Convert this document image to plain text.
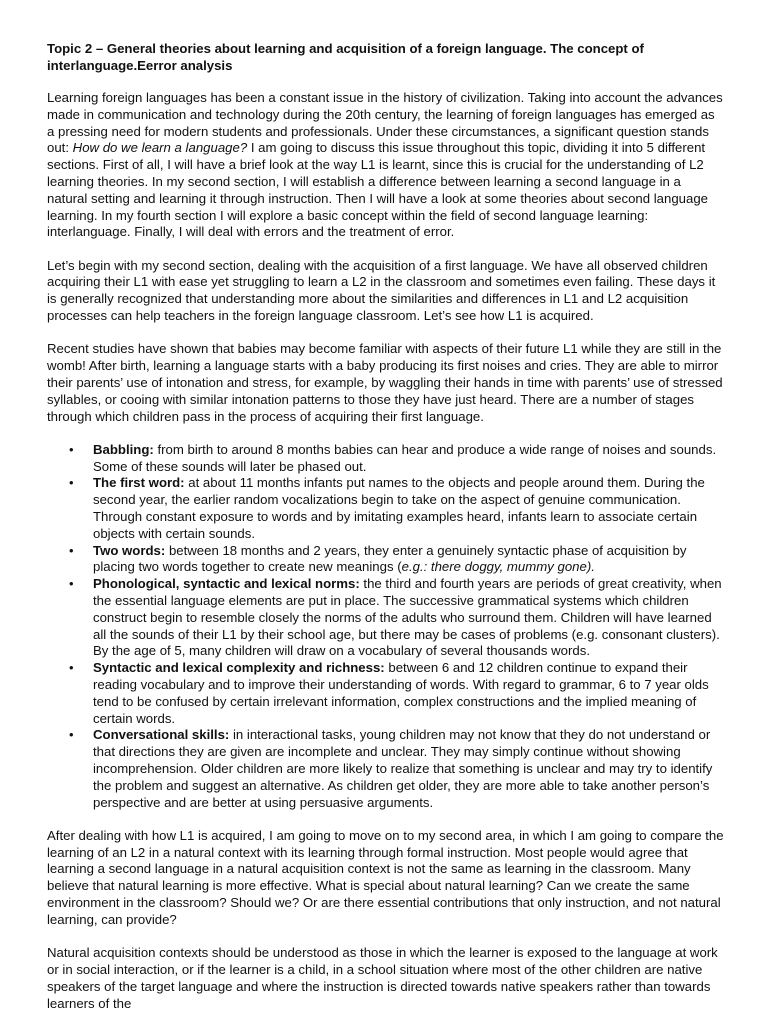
Topic 2 – General theories about learning and acquisition of a foreign language. The concept of interlanguage.Eerror analysis

Learning foreign languages has been a constant issue in the history of civilization. Taking into account the advances made in communication and technology during the 20th century, the learning of foreign languages has emerged as a pressing need for modern students and professionals. Under these circumstances, a significant question stands out: How do we learn a language? I am going to discuss this issue throughout this topic, dividing it into 5 different sections. First of all, I will have a brief look at the way L1 is learnt, since this is crucial for the understanding of L2 learning theories. In my second section, I will establish a difference between learning a second language in a natural setting and learning it through instruction. Then I will have a look at some theories about second language learning. In my fourth section I will explore a basic concept within the field of second language learning: interlanguage. Finally, I will deal with errors and the treatment of error.

Let’s begin with my second section, dealing with the acquisition of a first language. We have all observed children acquiring their L1 with ease yet struggling to learn a L2 in the classroom and sometimes even failing. These days it is generally recognized that understanding more about the similarities and differences in L1 and L2 acquisition processes can help teachers in the foreign language classroom. Let’s see how L1 is acquired.

Recent studies have shown that babies may become familiar with aspects of their future L1 while they are still in the womb! After birth, learning a language starts with a baby producing its first noises and cries. They are able to mirror their parents’ use of intonation and stress, for example, by waggling their hands in time with parents’ use of stressed syllables, or cooing with similar intonation patterns to those they have just heard. There are a number of stages through which children pass in the process of acquiring their first language.

• Babbling: from birth to around 8 months babies can hear and produce a wide range of noises and sounds. Some of these sounds will later be phased out.
• The first word: at about 11 months infants put names to the objects and people around them. During the second year, the earlier random vocalizations begin to take on the aspect of genuine communication. Through constant exposure to words and by imitating examples heard, infants learn to associate certain objects with certain sounds.
• Two words: between 18 months and 2 years, they enter a genuinely syntactic phase of acquisition by placing two words together to create new meanings (e.g.: there doggy, mummy gone).
• Phonological, syntactic and lexical norms: the third and fourth years are periods of great creativity, when the essential language elements are put in place. The successive grammatical systems which children construct begin to resemble closely the norms of the adults who surround them. Children will have learned all the sounds of their L1 by their school age, but there may be cases of problems (e.g. consonant clusters). By the age of 5, many children will draw on a vocabulary of several thousands words.
• Syntactic and lexical complexity and richness: between 6 and 12 children continue to expand their reading vocabulary and to improve their understanding of words. With regard to grammar, 6 to 7 year olds tend to be confused by certain irrelevant information, complex constructions and the implied meaning of certain words.
• Conversational skills: in interactional tasks, young children may not know that they do not understand or that directions they are given are incomplete and unclear. They may simply continue without showing incomprehension. Older children are more likely to realize that something is unclear and may try to identify the problem and suggest an alternative. As children get older, they are more able to take another person’s perspective and are better at using persuasive arguments.

After dealing with how L1 is acquired, I am going to move on to my second area, in which I am going to compare the learning of an L2 in a natural context with its learning through formal instruction. Most people would agree that learning a second language in a natural acquisition context is not the same as learning in the classroom. Many believe that natural learning is more effective. What is special about natural learning? Can we create the same environment in the classroom? Should we? Or are there essential contributions that only instruction, and not natural learning, can provide?

Natural acquisition contexts should be understood as those in which the learner is exposed to the language at work or in social interaction, or if the learner is a child, in a school situation where most of the other children are native speakers of the target language and where the instruction is directed towards native speakers rather than towards learners of the
